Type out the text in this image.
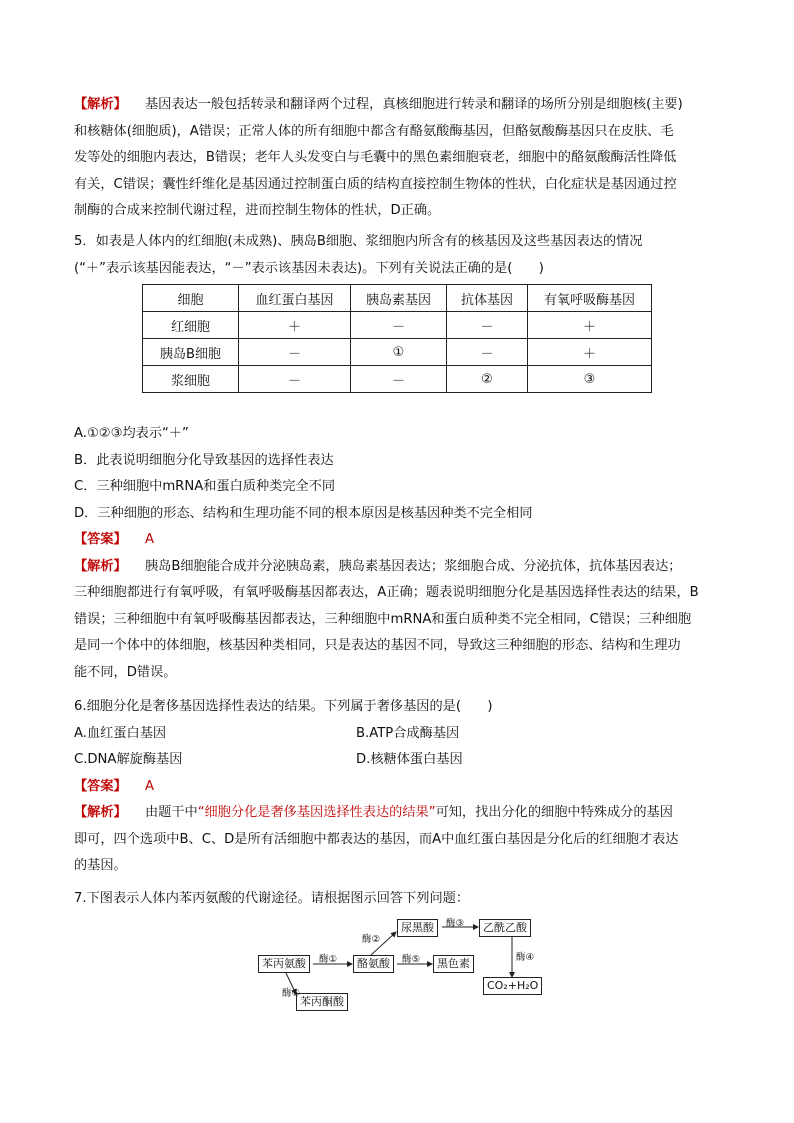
【解析】 基因表达一般包括转录和翻译两个过程，真核细胞进行转录和翻译的场所分别是细胞核(主要)
和核糖体(细胞质)，A错误；正常人体的所有细胞中都含有酪氨酸酶基因，但酪氨酸酶基因只在皮肤、毛
发等处的细胞内表达，B错误；老年人头发变白与毛囊中的黑色素细胞衰老，细胞中的酪氨酸酶活性降低
有关，C错误；囊性纤维化是基因通过控制蛋白质的结构直接控制生物体的性状，白化症状是基因通过控
制酶的合成来控制代谢过程，进而控制生物体的性状，D正确。
5．如表是人体内的红细胞(未成熟)、胰岛B细胞、浆细胞内所含有的核基因及这些基因表达的情况
(“＋”表示该基因能表达，“－”表示该基因未表达)。下列有关说法正确的是(　　)
细胞	血红蛋白基因	胰岛素基因	抗体基因	有氧呼吸酶基因
红细胞	＋	－	－	＋
胰岛B细胞	－	①	－	＋
浆细胞	－	－	②	③
A.①②③均表示“＋”
B．此表说明细胞分化导致基因的选择性表达
C．三种细胞中mRNA和蛋白质种类完全不同
D．三种细胞的形态、结构和生理功能不同的根本原因是核基因种类不完全相同
【答案】 A
【解析】 胰岛B细胞能合成并分泌胰岛素，胰岛素基因表达；浆细胞合成、分泌抗体，抗体基因表达；
三种细胞都进行有氧呼吸，有氧呼吸酶基因都表达，A正确；题表说明细胞分化是基因选择性表达的结果，B
错误；三种细胞中有氧呼吸酶基因都表达，三种细胞中mRNA和蛋白质种类不完全相同，C错误；三种细胞
是同一个体中的体细胞，核基因种类相同，只是表达的基因不同，导致这三种细胞的形态、结构和生理功
能不同，D错误。
6.细胞分化是奢侈基因选择性表达的结果。下列属于奢侈基因的是(　　)
A.血红蛋白基因	B.ATP合成酶基因
C.DNA解旋酶基因	D.核糖体蛋白基因
【答案】 A
【解析】 由题干中“细胞分化是奢侈基因选择性表达的结果”可知，找出分化的细胞中特殊成分的基因
即可，四个选项中B、C、D是所有活细胞中都表达的基因，而A中血红蛋白基因是分化后的红细胞才表达
的基因。
7.下图表示人体内苯丙氨酸的代谢途径。请根据图示回答下列问题：
苯丙氨酸	酪氨酸
尿黑酸	乙酰乙酸
黑色素
CO₂+H₂O
苯丙酮酸
酶①
酶②
酶③
酶④
酶⑤
酶⑥
